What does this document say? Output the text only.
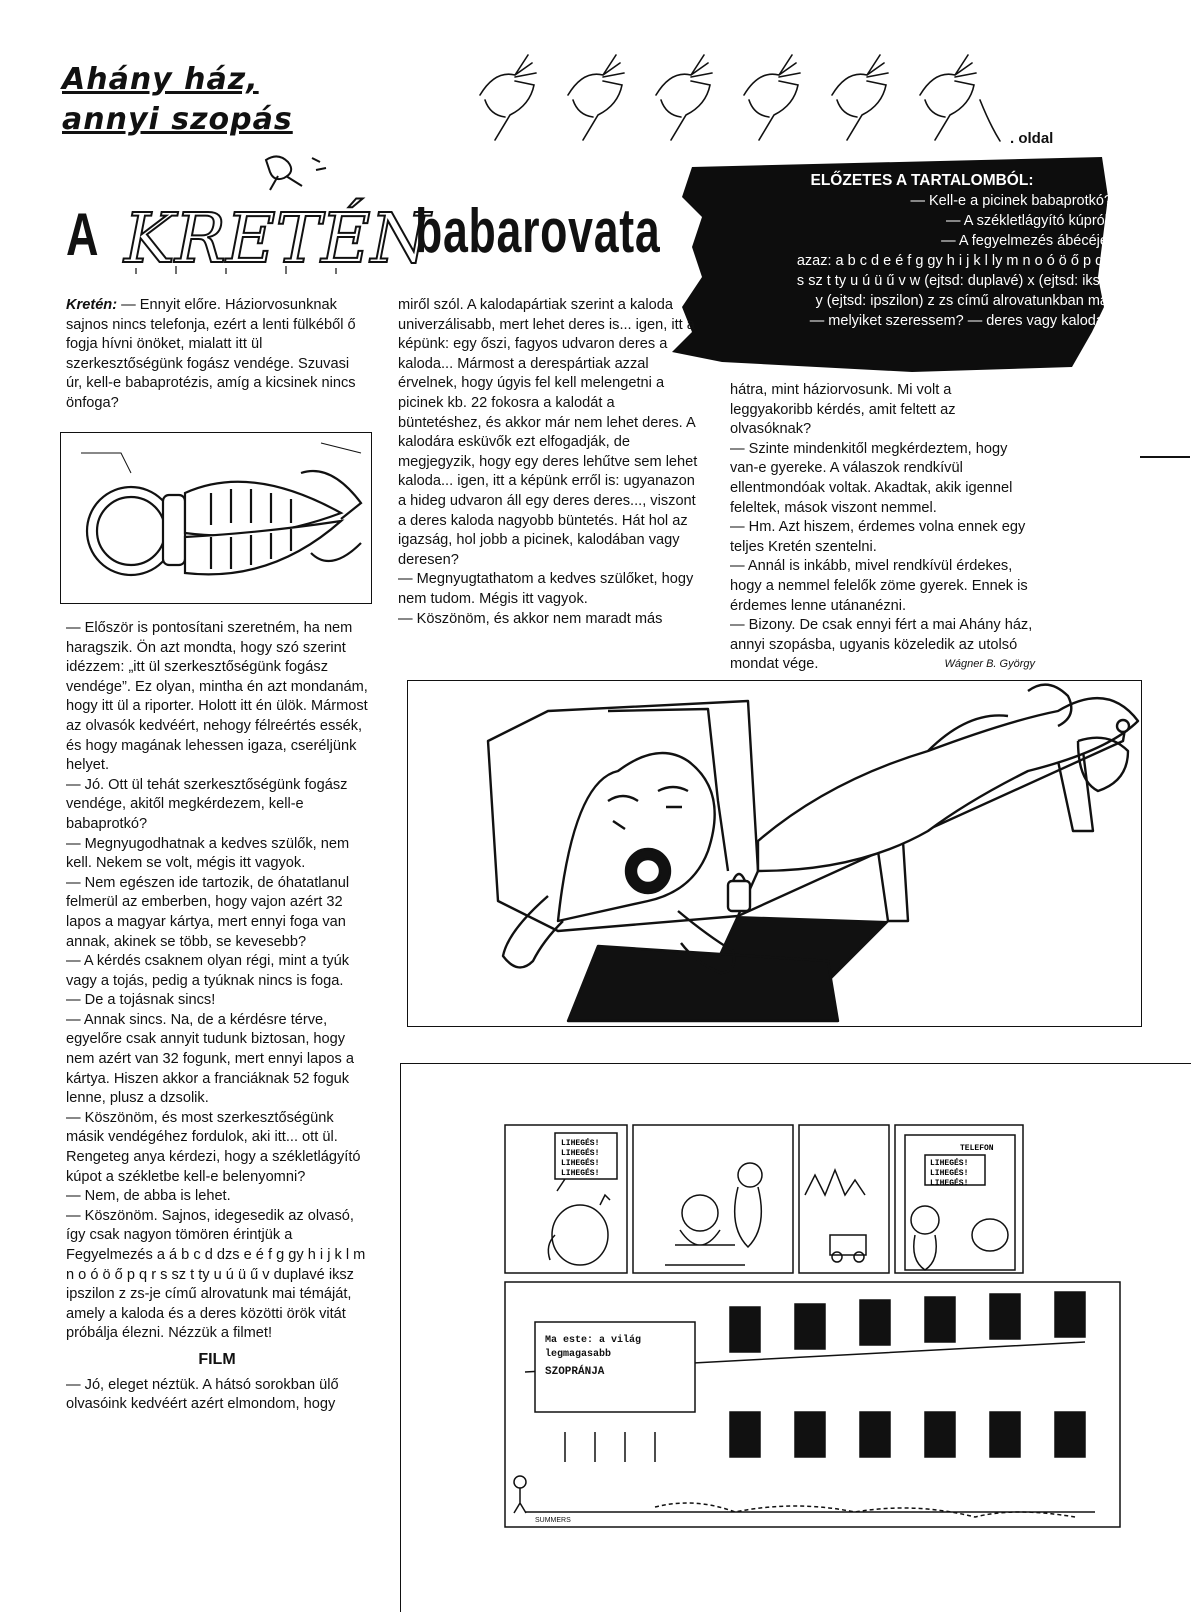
Ahány ház,
annyi szopás
. oldal
A KRETÉN
babarovata
ELŐZETES A TARTALOMBÓL:
— Kell-e a picinek babaprotkó?
— A székletlágyító kúpról;
— A fegyelmezés ábécéje,
azaz: a b c d e é f g gy h i j k l ly m n o ó ö ő p q r
s sz t ty u ú ü ű v w (ejtsd: duplavé) x (ejtsd: iksz)
y (ejtsd: ipszilon) z zs című alrovatunkban ma:
— melyiket szeressem? — deres vagy kaloda?

Kretén: — Ennyit előre. Háziorvosunknak sajnos nincs telefonja, ezért a lenti fülkéből ő fogja hívni önöket, mialatt itt ül szerkesztőségünk fogász vendége. Szuvasi úr, kell-e babaprotézis, amíg a kicsinek nincs önfoga?

— Először is pontosítani szeretném, ha nem haragszik. Ön azt mondta, hogy szó szerint idézzem: „itt ül szerkesztőségünk fogász vendége”. Ez olyan, mintha én azt mondanám, hogy itt ül a riporter. Holott itt én ülök. Mármost az olvasók kedvéért, nehogy félreértés essék, és hogy magának lehessen igaza, cseréljünk helyet.

— Jó. Ott ül tehát szerkesztőségünk fogász vendége, akitől megkérdezem, kell-e babaprotkó?

— Megnyugodhatnak a kedves szülők, nem kell. Nekem se volt, mégis itt vagyok.

— Nem egészen ide tartozik, de óhatatlanul felmerül az emberben, hogy vajon azért 32 lapos a magyar kártya, mert ennyi foga van annak, akinek se több, se kevesebb?

— A kérdés csaknem olyan régi, mint a tyúk vagy a tojás, pedig a tyúknak nincs is foga.

— De a tojásnak sincs!

— Annak sincs. Na, de a kérdésre térve, egyelőre csak annyit tudunk biztosan, hogy nem azért van 32 fogunk, mert ennyi lapos a kártya. Hiszen akkor a franciáknak 52 foguk lenne, plusz a dzsolik.

— Köszönöm, és most szerkesztőségünk másik vendégéhez fordulok, aki itt... ott ül. Rengeteg anya kérdezi, hogy a székletlágyító kúpot a székletbe kell-e belenyomni?

— Nem, de abba is lehet.

— Köszönöm. Sajnos, idegesedik az olvasó, így csak nagyon tömören érintjük a Fegyelmezés a á b c d dzs e é f g gy h i j k l m n o ó ö ő p q r s sz t ty u ú ü ű v duplavé iksz ipszilon z zs-je című alrovatunk mai témáját, amely a kaloda és a deres közötti örök vitát próbálja élezni. Nézzük a filmet!

FILM

— Jó, eleget néztük. A hátsó sorokban ülő olvasóink kedvéért azért elmondom, hogy

miről szól. A kalodapártiak szerint a kaloda univerzálisabb, mert lehet deres is... igen, itt a képünk: egy őszi, fagyos udvaron deres a kaloda... Mármost a derespártiak azzal érvelnek, hogy úgyis fel kell melengetni a picinek kb. 22 fokosra a kalodát a büntetéshez, és akkor már nem lehet deres. A kalodára esküvők ezt elfogadják, de megjegyzik, hogy egy deres lehűtve sem lehet kaloda... igen, itt a képünk erről is: ugyanazon a hideg udvaron áll egy deres deres..., viszont a deres kaloda nagyobb büntetés. Hát hol az igazság, hol jobb a picinek, kalodában vagy deresen?

— Megnyugtathatom a kedves szülőket, hogy nem tudom. Mégis itt vagyok.

— Köszönöm, és akkor nem maradt más

hátra, mint háziorvosunk. Mi volt a leggyakoribb kérdés, amit feltett az olvasóknak?

— Szinte mindenkitől megkérdeztem, hogy van-e gyereke. A válaszok rendkívül ellentmondóak voltak. Akadtak, akik igennel feleltek, mások viszont nemmel.

— Hm. Azt hiszem, érdemes volna ennek egy teljes Kretén szentelni.

— Annál is inkább, mivel rendkívül érdekes, hogy a nemmel felelők zöme gyerek. Ennek is érdemes lenne utánanézni.

— Bizony. De csak ennyi fért a mai Ahány ház, annyi szopásba, ugyanis közeledik az utolsó mondat vége.	Wágner B. György

LIHEGÉS!
LIHEGÉS!
LIHEGÉS!
LIHEGÉS!
TELEFON
LIHEGÉS!
LIHEGÉS!
LIHEGÉS!
Ma este: a világ
legmagasabb
SZOPRÁNJA
SUMMERS
